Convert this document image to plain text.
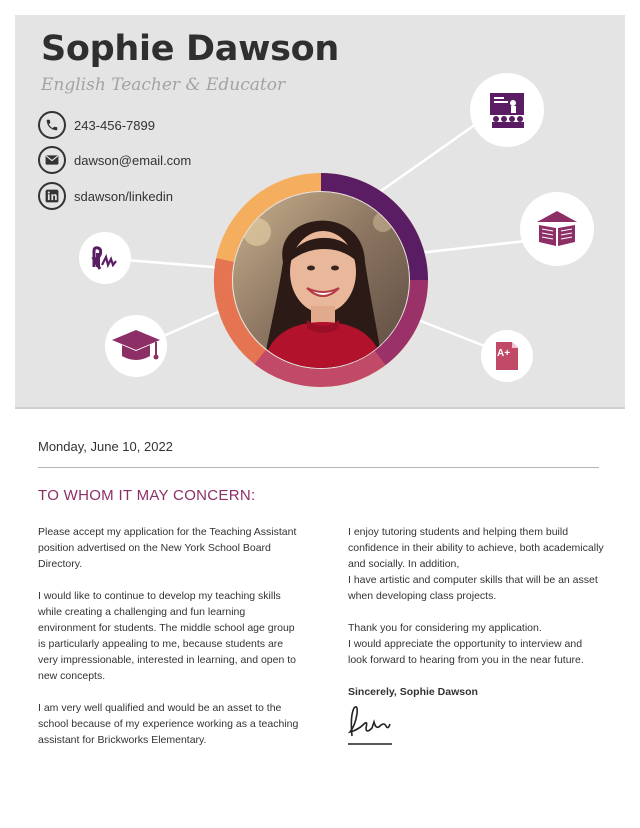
Sophie Dawson
English Teacher & Educator
243-456-7899
dawson@email.com
sdawson/linkedin
A+
Monday, June 10, 2022
TO WHOM IT MAY CONCERN:

Please accept my application for the Teaching Assistant position advertised on the New York School Board Directory.

I would like to continue to develop my teaching skills while creating a challenging and fun learning environment for students. The middle school age group is particularly appealing to me, because students are very impressionable, interested in learning, and open to new concepts.

I am very well qualified and would be an asset to the school because of my experience working as a teaching assistant for Brickworks Elementary.

I enjoy tutoring students and helping them build confidence in their ability to achieve, both academically and socially. In addition,
I have artistic and computer skills that will be an asset when developing class projects.

Thank you for considering my application.
I would appreciate the opportunity to interview and look forward to hearing from you in the near future.

Sincerely, Sophie Dawson
